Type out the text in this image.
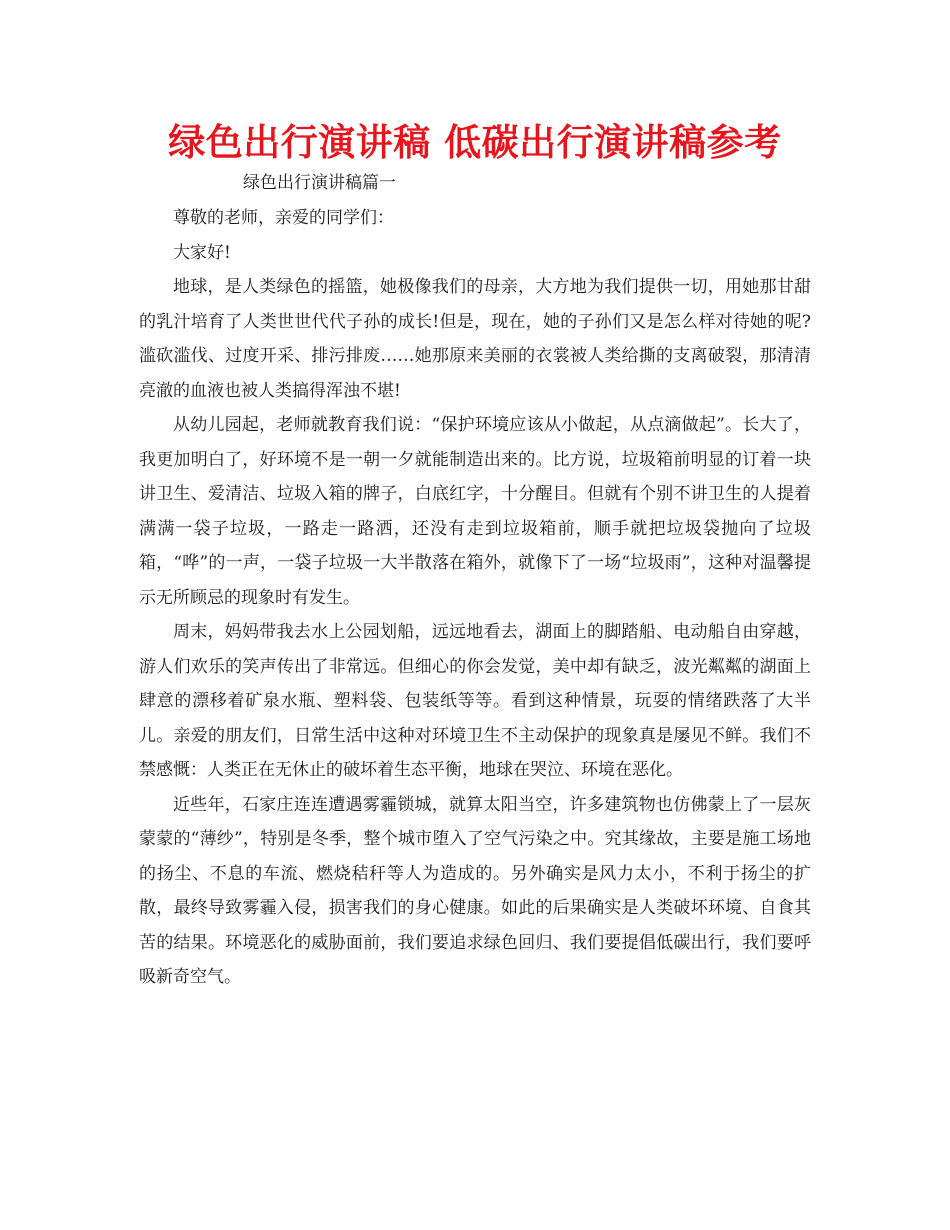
绿色出行演讲稿 低碳出行演讲稿参考
绿色出行演讲稿篇一

尊敬的老师，亲爱的同学们：

大家好!

地球，是人类绿色的摇篮，她极像我们的母亲，大方地为我们提供一切，用她那甘甜的乳汁培育了人类世世代代子孙的成长!但是，现在，她的子孙们又是怎么样对待她的呢?滥砍滥伐、过度开采、排污排废……她那原来美丽的衣裳被人类给撕的支离破裂，那清清亮澈的血液也被人类搞得浑浊不堪!

从幼儿园起，老师就教育我们说：“保护环境应该从小做起，从点滴做起”。长大了，我更加明白了，好环境不是一朝一夕就能制造出来的。比方说，垃圾箱前明显的订着一块讲卫生、爱清洁、垃圾入箱的牌子，白底红字，十分醒目。但就有个别不讲卫生的人提着满满一袋子垃圾，一路走一路洒，还没有走到垃圾箱前，顺手就把垃圾袋抛向了垃圾箱，“哗”的一声，一袋子垃圾一大半散落在箱外，就像下了一场“垃圾雨”，这种对温馨提示无所顾忌的现象时有发生。

周末，妈妈带我去水上公园划船，远远地看去，湖面上的脚踏船、电动船自由穿越，游人们欢乐的笑声传出了非常远。但细心的你会发觉，美中却有缺乏，波光粼粼的湖面上肆意的漂移着矿泉水瓶、塑料袋、包装纸等等。看到这种情景，玩耍的情绪跌落了大半儿。亲爱的朋友们，日常生活中这种对环境卫生不主动保护的现象真是屡见不鲜。我们不禁感慨：人类正在无休止的破坏着生态平衡，地球在哭泣、环境在恶化。

近些年，石家庄连连遭遇雾霾锁城，就算太阳当空，许多建筑物也仿佛蒙上了一层灰蒙蒙的“薄纱”，特别是冬季，整个城市堕入了空气污染之中。究其缘故，主要是施工场地的扬尘、不息的车流、燃烧秸秆等人为造成的。另外确实是风力太小，不利于扬尘的扩散，最终导致雾霾入侵，损害我们的身心健康。如此的后果确实是人类破坏环境、自食其苦的结果。环境恶化的威胁面前，我们要追求绿色回归、我们要提倡低碳出行，我们要呼吸新奇空气。
